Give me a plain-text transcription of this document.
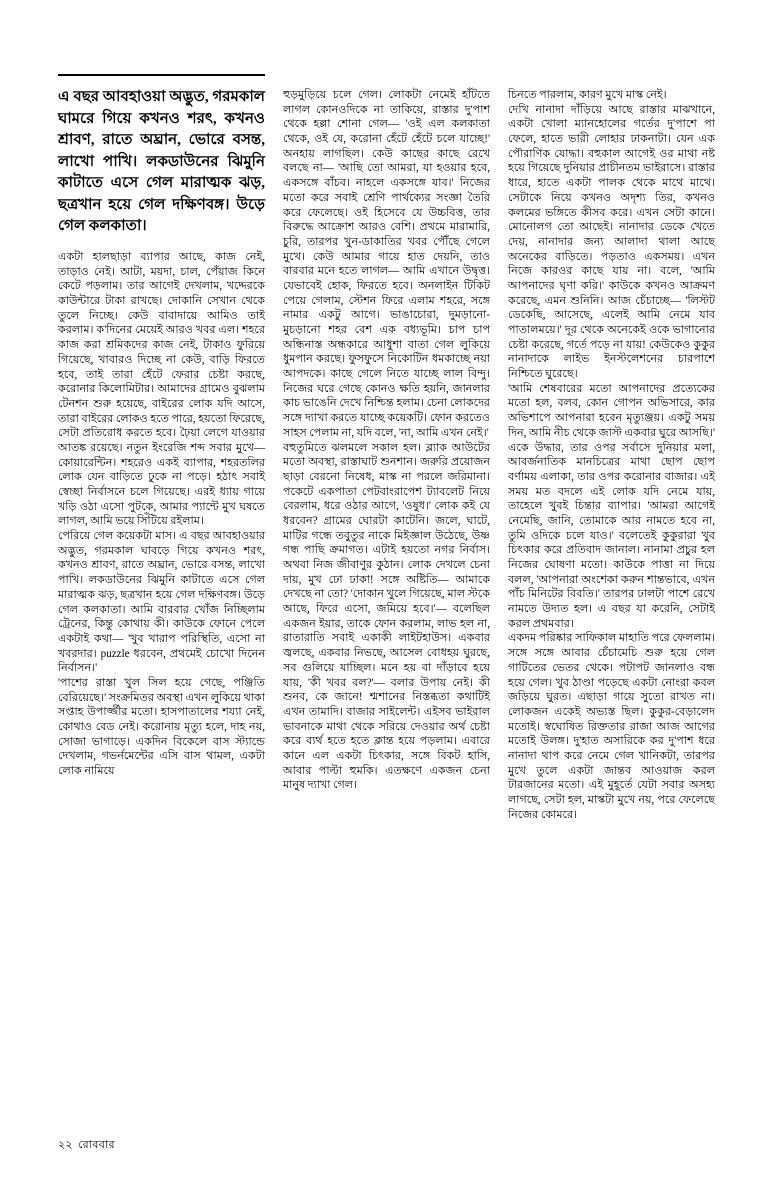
এ বছর আবহাওয়া অদ্ভুত, গরমকাল ঘামরে গিয়ে কখনও শরৎ, কখনও শ্রাবণ, রাতে অঘ্রান, ভোরে বসন্ত, লাখো পাখি। লকডাউনের ঝিমুনি কাটাতে এসে গেল মারাত্মক ঝড়, ছত্রখান হয়ে গেল দক্ষিণবঙ্গ। উড়ে গেল কলকাতা।

একটা হালছাড়া ব্যাপার আছে, কাজ নেই, তাড়াও নেই। আটা, ময়দা, চাল, পেঁয়াজ কিনে কেটে পড়লাম। তার আগেই দেখলাম, খদ্দেরকে কাউন্টারে টাকা রাখছে। দোকানি সেখান থেকে তুলে নিচ্ছে। কেউ বাবাদায়ে আমিও তাই করলাম। ক'দিনের মেয়েই আরও খবর এল। শহরে কাজ করা শ্রমিকদের কাজ নেই, টাকাও ফুরিয়ে গিয়েছে, খাবারও দিচ্ছে না কেউ, বাড়ি ফিরতে হবে, তাই তারা হেঁটে ফেরার চেষ্টা করছে, করোনার কিলোমিটার। আমাদের গ্রামেও বুঝলাম টেনশন শুরু হয়েছে, বাইরের লোক যদি আসে, তারা বাইরের লোকও হতে পারে, হয়তো ফিরেছে, সেটা প্রতিরোধ করতে হবে। ঢ়ৈয়া লেগে যাওয়ার আতঙ্ক রয়েছে। নতুন ইংরেজি শব্দ সবার মুখে— কোয়ারেন্টিন। শহরেও একই ব্যাপার, শহরতলির লোক যেন বাড়িতে ঢুকে না পড়ে। হঠাৎ সবাই স্বেচ্ছা নির্বাসনে চলে গিয়েছে। এরই ধ্যায় গায়ে খড়ি ওঠা এসো পুটকে, আমার প্যান্টে মুখ ঘষতে লাগল, আমি ভয়ে সিঁটিয়ে রইলাম।

পেরিয়ে গেল কয়েকটা মাস। এ বছর আবহাওয়ার অদ্ভুত, গরমকাল ঘাবড়ে গিয়ে কখনও শরৎ, কখনও শ্রাবণ, রাতে অঘ্রান, ভোরে বসন্ত, লাখো পাখি। লকডাউনের ঝিমুনি কাটাতে এসে গেল মারাত্মক ঝড়, ছত্রখান হয়ে গেল দক্ষিণবঙ্গ। উড়ে গেল কলকাতা। আমি বারবার খোঁজ নিচ্ছিলাম ট্রেনের, কিন্তু কোথায় কী। কাউকে ফোনে পেলে একটাই কথা— 'খুব খারাপ পরিস্থিতি, এসো না খবরদার। puzzle ধরবেন, প্রথমেই চোখো দিনেন নির্বাসন।'

'পাশের রাস্তা খুল সিল হয়ে গেছে, পঞ্জিতি বেরিয়েছে।' সংক্রমিতর অবস্থা এখন লুকিয়ে থাকা সপ্তাহ উপার্জ্জীর মতো। হাসপাতালের শয্যা নেই, কোথাও বেড নেই। করোনায় মৃত্যু হলে, দাহ নয়, সোজা ভাগাড়ে। একদিন বিকেলে বাস স্ট্যান্ডে দেখলাম, গভর্নমেন্টের এসি বাস থামল, একটা লোক নামিয়ে

হুড়মুড়িয়ে চলে গেল। লোকটা নেমেই হাঁটতে লাগল কোনওদিকে না তাকিয়ে, রাস্তার দু'পাশ থেকে হল্লা শোনা গেল— 'ওই এল কলকাতা থেকে, ওই যে, করোনা হেঁটে হেঁটে চলে যাচ্ছে!' অনহায় লাগছিল। কেউ কাছের কাছে রেখে বলছে না— 'আছি তো আমরা, যা হওয়ার হবে, একসঙ্গে বাঁচব। নাহলে একসঙ্গে যাব।' নিজের মতো করে সবাই শ্রেণি পার্থক্যের সংজ্ঞা তৈরি করে ফেলেছে। ওই হিসেবে যে উচ্চবিত্ত, তার বিরুদ্ধে আক্রোশ আরও বেশি। প্রথমে মারামারি, চুরি, তারপর খুন-ডাকাতির খবর পৌঁছে গেলে মুখে। কেউ আমার গায়ে হাত দেয়নি, তাও বারবার মনে হতে লাগল— আমি এখানে উদ্বৃত্ত। যেভাবেই হোক, ফিরতে হবে। অনলাইন টিকিট পেয়ে গেলাম, স্টেশন ফিরে এলাম শহরে, সঙ্গে নামার একটু আগে। ভাঙাচোরা, দুমড়ানো-মুচড়ানো শহর বেশ এক বধ্যভূমি। চাপ চাপ অন্ধিনাস্ত অন্ধকারে আধুশা বাতা গেল লুকিয়ে ধুমপান করছে। ফুসফুসে নিকোটিন ধমকাচ্ছে নয়া আপদকে। কাছে গেলে নিতে যাচ্ছে লাল বিন্দু। নিজের ঘরে গেছে কোনও ক্ষতি হয়নি, জানলার কাচ ভাঙেনি দেখে নিশ্চিন্ত হলাম। চেনা লোকদের সঙ্গে দ্যাখা করতে যাচ্ছে কয়েকটি। ফোন করতেও সাহস পেলাম না, যদি বলে, 'না, আমি এখন নেই।'

বহুতুমিতে ঝলমলে সকাল হল। ব্ল্যাক আউটের মতো অবস্থা, রাস্তাঘাট শুনশান। জরুরি প্রয়োজন ছাড়া বেরনো নিষেধ, মাস্ক না পরলে জরিমানা। পকেটে একপাতা পেটবাংরাপেশ ট্যাবলেট নিয়ে বেরলাম, ধরে ওঠার আগে, 'ওষুধ।' লোক কই যে ধরবেন? গ্রামের ঘোরটা কাটেনি। জলে, ঘাটে, মাটির গন্ধে তবুতুর নাকে মিইজ্ঞাল উঠেছে, উষ্ণ গন্ধ পাছি ক্রমাগত। এটাই হয়তো নগর নির্বাস। অথবা নিজ জীবাণুর কুঠান। লোক দেখলে চেনা দায়, মুখ ঢো ঢাকা! সঙ্গে অষ্টিতি— আমাকে দেখছে না তো? 'দোকান খুলে গিয়েছে, মাল স্টকে আছে, ফিরে এসো, জমিয়ে হবে।'— বলেছিল একজন ইয়ার, তাকে ফোন করলাম, লাভ হল না, রাতারাতি সবাই একাকী লাইটহাউস। একবার জ্বলছে, একবার নিভছে, আসেল বোধহয় ঘুরছে, সব গুলিয়ে যাচ্ছিল। মনে হয় বা দাঁড়াবে হয়ে যায়, 'কী খবর বল?'— বলার উপায় নেই। কী শুনব, কে জানে! শ্মশানের নিস্তব্ধতা কথাটিই এখন তামাদি। বাজার সাইলেন্ট। এইসব ভাইরাল ভাবনাকে মাথা থেকে সরিয়ে দেওয়ার অর্থ চেষ্টা করে ব্যর্থ হতে হতে ক্লান্ত হয়ে পড়লাম। এবারে কানে এল একটা চিৎকার, সঙ্গে বিকট হাসি, আবার পাল্টা হুমকি। এতক্ষণে একজন চেনা মানুষ দ্যাখা গেল।

চিনতে পারলাম, কারণ মুখে মাস্ক নেই।

দেখি নানাদা দাঁড়িয়ে আছে রাস্তার মাঝখানে, একটা খোলা ম্যানহোলের গর্তের দু'পাশে পা ফেলে, হাতে ভারী লোহার ঢাকনাটা। যেন এক পৌরাণিক যোদ্ধা। বহুকাল আগেই ওর মাথা নষ্ট হয়ে গিয়েছে দুনিয়ার প্রাচীনতম ভাইরাসে। রাস্তার ধারে, হাতে একটা পালক থেকে মাথে মাথে। সেটাকে নিয়ে কখনও অদৃশ্য তির, কখনও কলমের ভঙ্গিতে কীসব করে। এখন সেটা কানে। মোনোলগ তো আছেই। নানাদার ডেকে খেতে দেয়, নানাদার জন্য আলাদা থালা আছে অনেকের বাড়িতে। পড়তাও একসময়। এখন নিজে কারওর কাছে যায় না। বলে, 'আমি আপনাদের ঘৃণা করি।' কাউকে কখনও আক্রমণ করেছে, এমন শুনিনি। আজ চেঁচাচ্ছে— 'লিস্টট ডেকেছি, আসেছে, এলেই আমি নেমে যাব পাতালময়ে।' দূর থেকে অনেকেই ওকে ভাগানোর চেষ্টা করেছে, গর্তে পড়ে না যায়! কেউকেও কুকুর নানাদাকে লাইভ ইনস্টলেশনের চারপাশে নিশ্চিতে ঘুরেছে।

'আমি শেষবারের মতো আপনাদের প্রত্যেকের মতো হল, বলব, কোন গোপন অভিসারে, কার অভিশাপে আপনারা হবেন মৃত্যুঞ্জয়। একটু সময় দিন, আমি নীচ থেকে জাস্ট একবার ঘুরে আসছি।' একে উদ্ধার, তার ওপর সর্বাসে দুনিয়ার মলা, আবর্জনাতিক মানচিত্রের মাথা ছোপ ছোপ বর্ণাময় এলাকা, তার ওপর করোনার বাজার। এই সময় মত বদলে এই লোক যদি নেমে যায়, তাহেলে খুবই চিন্তার ব্যাপার। 'আমরা আগেই নেমেছি, জানি, তোমাকে আর নামতে হবে না, তুমি ওদিকে চলে যাও।' বলেতেই কুকুরারা খুব চিৎকার করে প্রতিবাদ জানাল। নানামা প্রচুর হল নিজের ঘোষণা মতো। কাউকে পাত্তা না দিয়ে বলল, 'আপনারা অংশেকা করুন শান্তভাবে, এখন পাঁচ মিনিটের বিবতি।' তারপর ঢালটা পাশে রেখে নামতে উদ্যত হল। এ বছর যা করেনি, সেটাই করল প্রথমবার।

একদম পরিষ্কার সাফিকাল মাহাতি পরে ফেললাম। সঙ্গে সঙ্গে আবার চেঁচামেচি শুরু হয়ে গেল গাটিতের ভেতর থেকে। পটাপট জানলাও বন্ধ হয়ে গেল। খুব ঠাণ্ডা পড়েছে একটা নোংরা কবল জড়িয়ে ঘুরত। এছাড়া গায়ে সুতো রাখত না। লোকজন একেই অভ্যস্ত ছিল। কুকুর-বেড়ালেদ মতোই। স্বঘোষিত রিক্ততার রাজা আজ আগের মতোই উলঙ্গ। দু'হাত অসারিকে কর দু'পাশ ধরে নানাদা থাপ করে নেমে গেল খানিকটা, তারপর মুখে তুলে একটা জান্তব আওয়াজ করল টারজানের মতো। এই মুহূর্তে যেটা সবার অসহ্য লাগছে, সেটা হল, মাস্কটা মুখে নয়, পরে ফেলেছে নিজের কোমরে।

২২ রোববার
